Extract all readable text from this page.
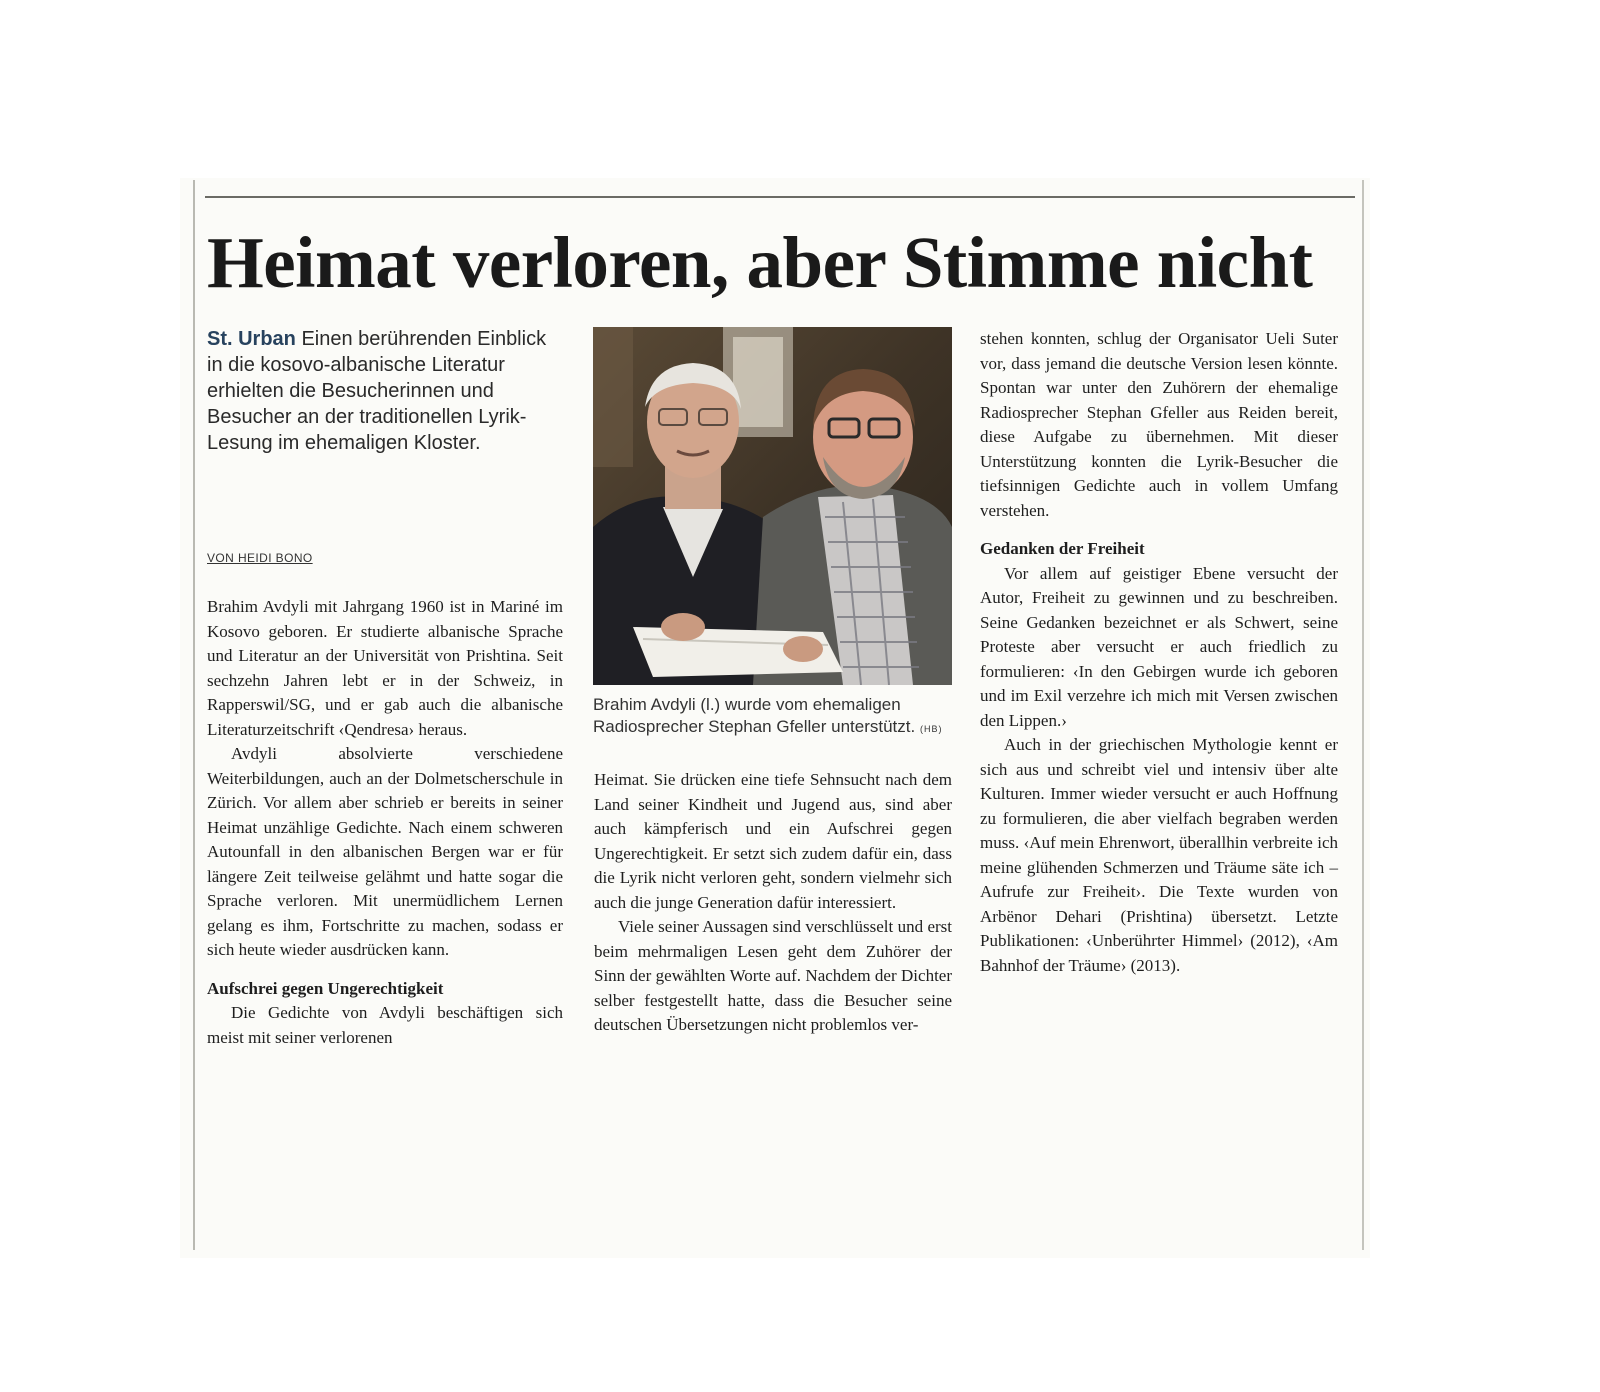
Heimat verloren, aber Stimme nicht
St. Urban Einen berührenden Einblick in die kosovo-albanische Literatur erhielten die Besucherinnen und Besucher an der traditionellen Lyrik-Lesung im ehemaligen Kloster.
VON HEIDI BONO

Brahim Avdyli mit Jahrgang 1960 ist in Mariné im Kosovo geboren. Er studierte albanische Sprache und Literatur an der Universität von Prishtina. Seit sechzehn Jahren lebt er in der Schweiz, in Rapperswil/SG, und er gab auch die albanische Literaturzeitschrift ‹Qendresa› heraus.

Avdyli absolvierte verschiedene Weiterbildungen, auch an der Dolmetscherschule in Zürich. Vor allem aber schrieb er bereits in seiner Heimat unzählige Gedichte. Nach einem schweren Autounfall in den albanischen Bergen war er für längere Zeit teilweise gelähmt und hatte sogar die Sprache verloren. Mit unermüdlichem Lernen gelang es ihm, Fortschritte zu machen, sodass er sich heute wieder ausdrücken kann.

Aufschrei gegen Ungerechtigkeit

Die Gedichte von Avdyli beschäftigen sich meist mit seiner verlorenen

Brahim Avdyli (l.) wurde vom ehemaligen Radiosprecher Stephan Gfeller unterstützt. (HB)

Heimat. Sie drücken eine tiefe Sehnsucht nach dem Land seiner Kindheit und Jugend aus, sind aber auch kämpferisch und ein Aufschrei gegen Ungerechtigkeit. Er setzt sich zudem dafür ein, dass die Lyrik nicht verloren geht, sondern vielmehr sich auch die junge Generation dafür interessiert.

Viele seiner Aussagen sind verschlüsselt und erst beim mehrmaligen Lesen geht dem Zuhörer der Sinn der gewählten Worte auf. Nachdem der Dichter selber festgestellt hatte, dass die Besucher seine deutschen Übersetzungen nicht problemlos ver-

stehen konnten, schlug der Organisator Ueli Suter vor, dass jemand die deutsche Version lesen könnte. Spontan war unter den Zuhörern der ehemalige Radiosprecher Stephan Gfeller aus Reiden bereit, diese Aufgabe zu übernehmen. Mit dieser Unterstützung konnten die Lyrik-Besucher die tiefsinnigen Gedichte auch in vollem Umfang verstehen.

Gedanken der Freiheit

Vor allem auf geistiger Ebene versucht der Autor, Freiheit zu gewinnen und zu beschreiben. Seine Gedanken bezeichnet er als Schwert, seine Proteste aber versucht er auch friedlich zu formulieren: ‹In den Gebirgen wurde ich geboren und im Exil verzehre ich mich mit Versen zwischen den Lippen.›

Auch in der griechischen Mythologie kennt er sich aus und schreibt viel und intensiv über alte Kulturen. Immer wieder versucht er auch Hoffnung zu formulieren, die aber vielfach begraben werden muss. ‹Auf mein Ehrenwort, überallhin verbreite ich meine glühenden Schmerzen und Träume säte ich – Aufrufe zur Freiheit›. Die Texte wurden von Arbënor Dehari (Prishtina) übersetzt. Letzte Publikationen: ‹Unberührter Himmel› (2012), ‹Am Bahnhof der Träume› (2013).
